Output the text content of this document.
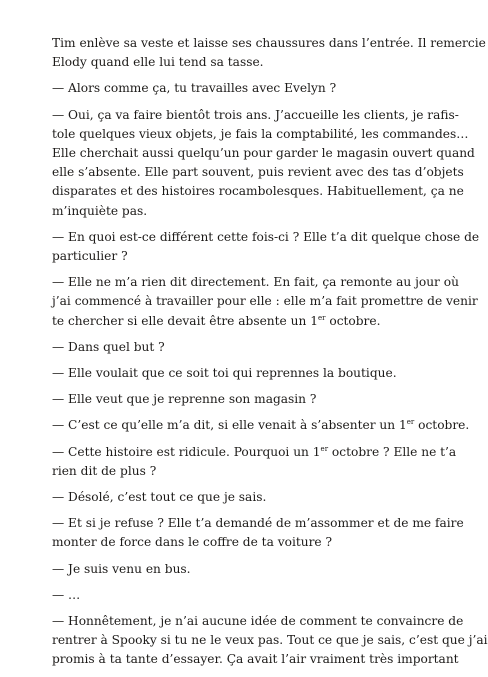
Tim enlève sa veste et laisse ses chaussures dans l’entrée. Il remercie
Elody quand elle lui tend sa tasse.

— Alors comme ça, tu travailles avec Evelyn ?

— Oui, ça va faire bientôt trois ans. J’accueille les clients, je rafis-
tole quelques vieux objets, je fais la comptabilité, les commandes…
Elle cherchait aussi quelqu’un pour garder le magasin ouvert quand
elle s’absente. Elle part souvent, puis revient avec des tas d’objets
disparates et des histoires rocambolesques. Habituellement, ça ne
m’inquiète pas.

— En quoi est-ce différent cette fois-ci ? Elle t’a dit quelque chose de
particulier ?

— Elle ne m’a rien dit directement. En fait, ça remonte au jour où
j’ai commencé à travailler pour elle : elle m’a fait promettre de venir
te chercher si elle devait être absente un 1er octobre.

— Dans quel but ?

— Elle voulait que ce soit toi qui reprennes la boutique.

— Elle veut que je reprenne son magasin ?

— C’est ce qu’elle m’a dit, si elle venait à s’absenter un 1er octobre.

— Cette histoire est ridicule. Pourquoi un 1er octobre ? Elle ne t’a
rien dit de plus ?

— Désolé, c’est tout ce que je sais.

— Et si je refuse ? Elle t’a demandé de m’assommer et de me faire
monter de force dans le coffre de ta voiture ?

— Je suis venu en bus.

— …

— Honnêtement, je n’ai aucune idée de comment te convaincre de
rentrer à Spooky si tu ne le veux pas. Tout ce que je sais, c’est que j’ai
promis à ta tante d’essayer. Ça avait l’air vraiment très important
